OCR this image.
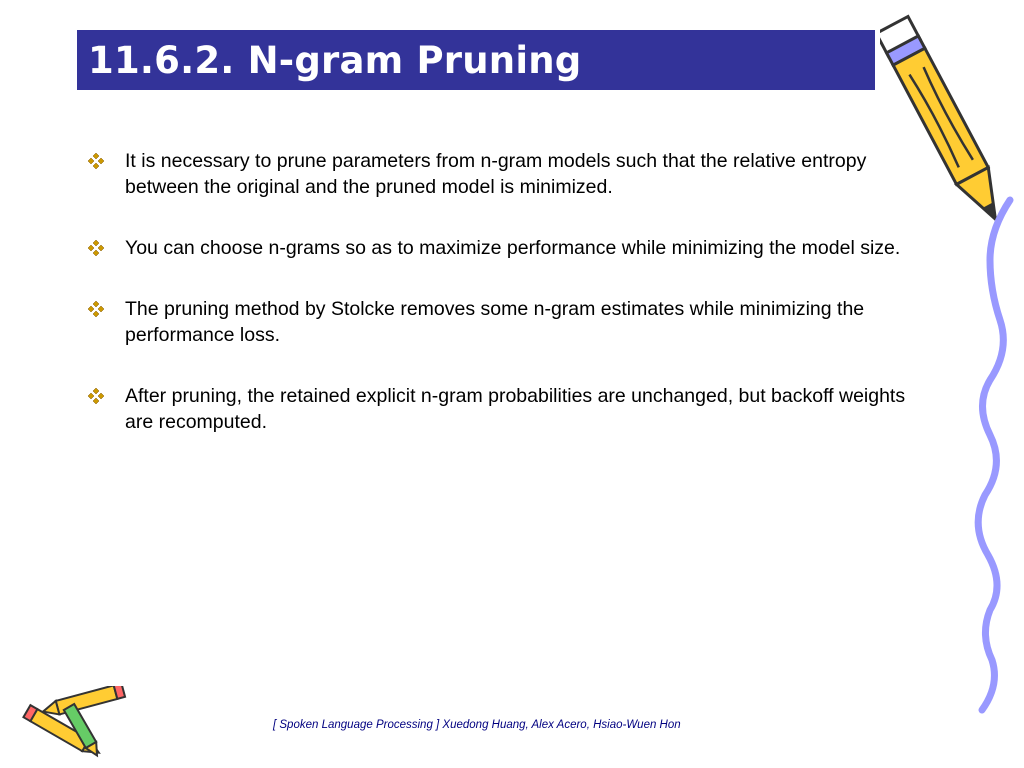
11.6.2. N-gram Pruning
It is necessary to prune parameters from n-gram models such that the relative entropy between the original and the pruned model is minimized.
You can choose n-grams so as to maximize performance while minimizing the model size.
The pruning method by Stolcke removes some n-gram estimates while minimizing the performance loss.
After pruning, the retained explicit n-gram probabilities are unchanged, but backoff weights are recomputed.
[ Spoken Language Processing ] Xuedong Huang, Alex Acero, Hsiao-Wuen Hon
